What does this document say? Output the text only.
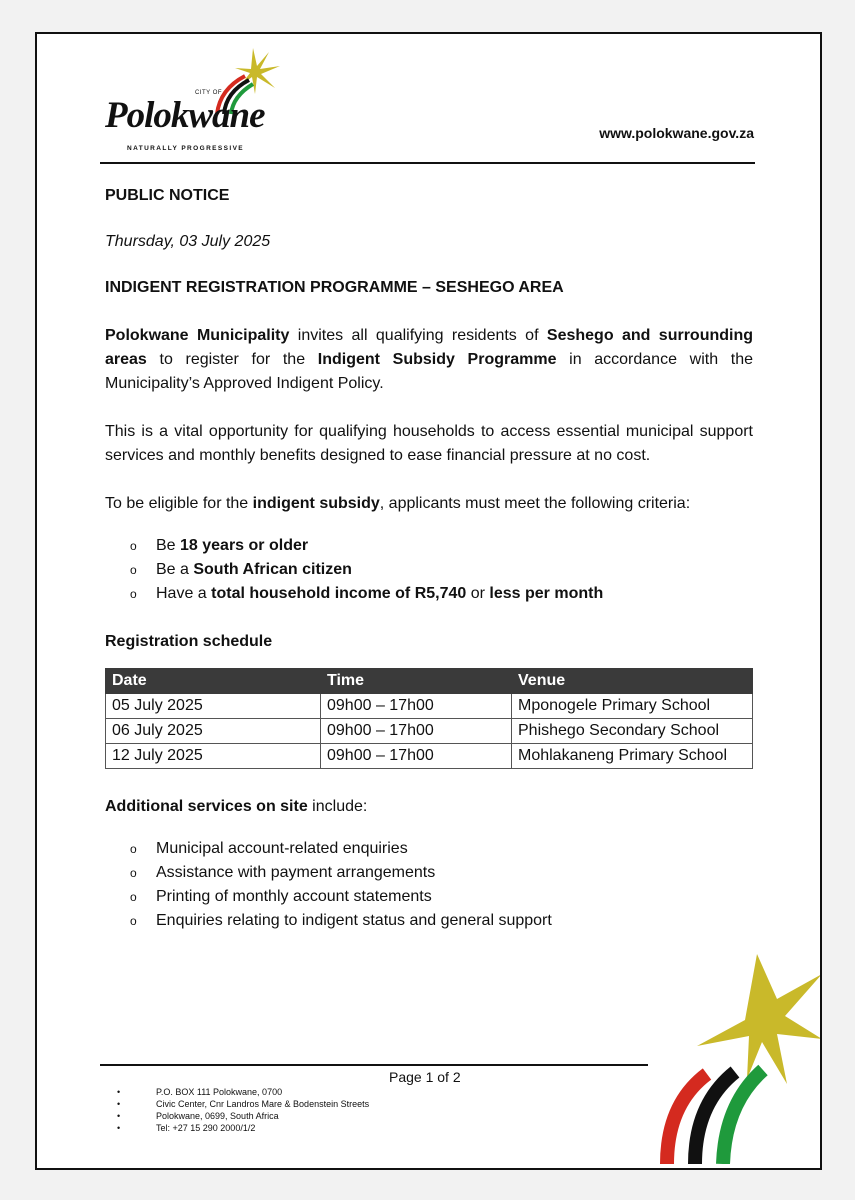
CITY OF
Polokwane
NATURALLY PROGRESSIVE
www.polokwane.gov.za

PUBLIC NOTICE

Thursday, 03 July 2025

INDIGENT REGISTRATION PROGRAMME – SESHEGO AREA

Polokwane Municipality invites all qualifying residents of Seshego and surrounding areas to register for the Indigent Subsidy Programme in accordance with the Municipality’s Approved Indigent Policy.

This is a vital opportunity for qualifying households to access essential municipal support services and monthly benefits designed to ease financial pressure at no cost.

To be eligible for the indigent subsidy, applicants must meet the following criteria:

o Be 18 years or older
o Be a South African citizen
o Have a total household income of R5,740 or less per month

Registration schedule

Date	Time	Venue
05 July 2025	09h00 – 17h00	Mponogele Primary School
06 July 2025	09h00 – 17h00	Phishego Secondary School
12 July 2025	09h00 – 17h00	Mohlakaneng Primary School

Additional services on site include:

o Municipal account-related enquiries
o Assistance with payment arrangements
o Printing of monthly account statements
o Enquiries relating to indigent status and general support
Page 1 of 2
• P.O. BOX 111 Polokwane, 0700
• Civic Center, Cnr Landros Mare & Bodenstein Streets
• Polokwane, 0699, South Africa
• Tel: +27 15 290 2000/1/2
